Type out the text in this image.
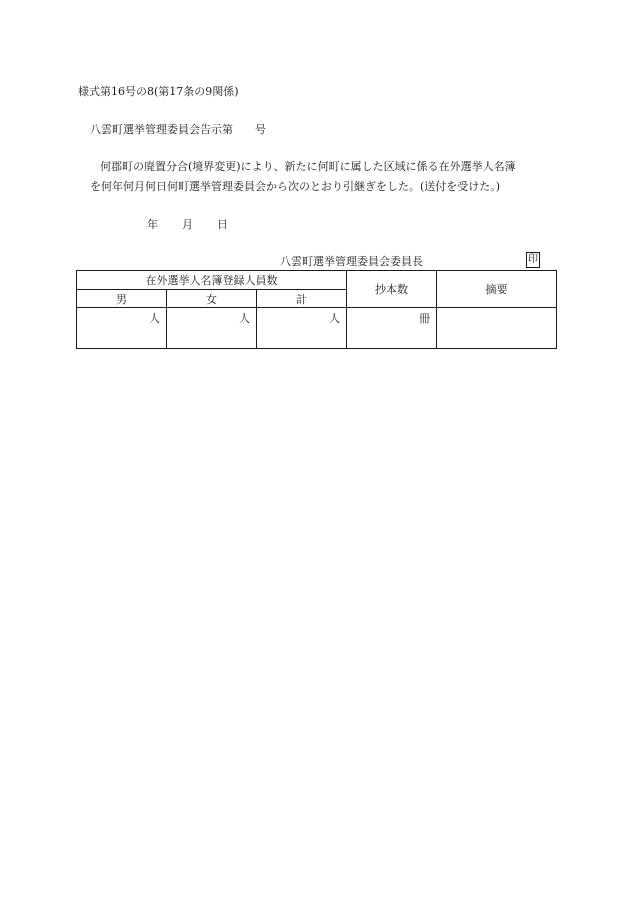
様式第16号の8(第17条の9関係)
八雲町選挙管理委員会告示第　　号
何郡町の廃置分合(境界変更)により、新たに何町に属した区域に係る在外選挙人名簿
を何年何月何日何町選挙管理委員会から次のとおり引継ぎをした。(送付を受けた。)
年 月 日
八雲町選挙管理委員会委員長	印
在外選挙人名簿登録人員数			抄本数	摘要
男	女	計		
人	人	人	冊	
